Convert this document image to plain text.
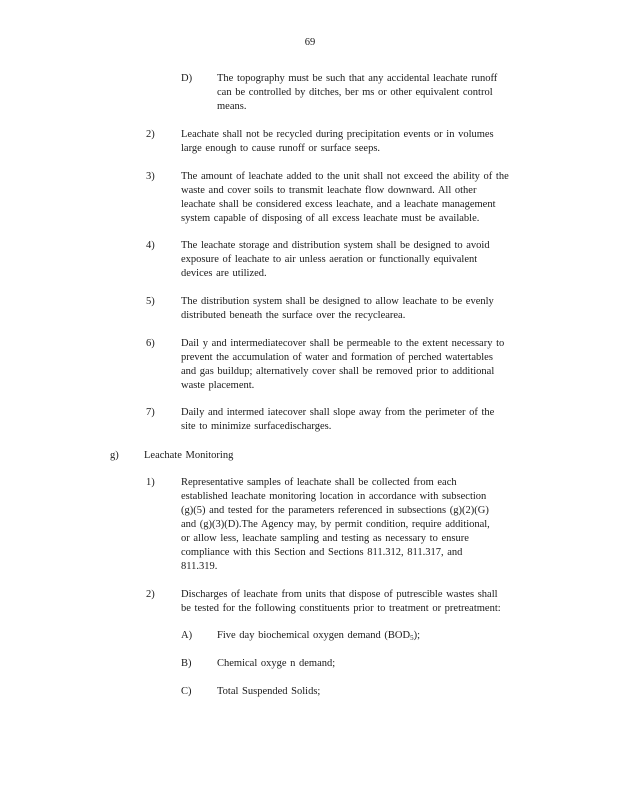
69
D) The topography must be such that any accidental leachate runoff
can be controlled by ditches, ber ms or other equivalent control
means.
2)	Leachate shall not be recycled during precipitation events or in volumes
large enough to cause runoff or surface seeps.
3)	The amount of leachate added to the unit shall not exceed the ability of the
waste and cover soils to transmit leachate flow downward. All other
leachate shall be considered excess leachate, and a leachate management
system capable of disposing of all excess leachate must be available.
4)	The leachate storage and distribution system shall be designed to avoid
exposure of leachate to air unless aeration or functionally equivalent
devices are utilized.
5)	The distribution system shall be designed to allow leachate to be evenly
distributed beneath the surface over the recyclearea.
6)	Dail y and intermediatecover shall be permeable to the extent necessary to
prevent the accumulation of water and formation of perched watertables
and gas buildup; alternatively cover shall be removed prior to additional
waste placement.
7)	Daily and intermed iatecover shall slope away from the perimeter of the
site to minimize surfacedischarges.
g) Leachate Monitoring
1)	Representative samples of leachate shall be collected from each
established leachate monitoring location in accordance with subsection
(g)(5) and tested for the parameters referenced in subsections (g)(2)(G)
and (g)(3)(D).The Agency may, by permit condition, require additional,
or allow less, leachate sampling and testing as necessary to ensure
compliance with this Section and Sections 811.312, 811.317, and
811.319.
2)	Discharges of leachate from units that dispose of putrescible wastes shall
be tested for the following constituents prior to treatment or pretreatment:
A) Five day biochemical oxygen demand $(BOD_5)$;
B) Chemical oxyge n demand;
C) Total Suspended Solids;
